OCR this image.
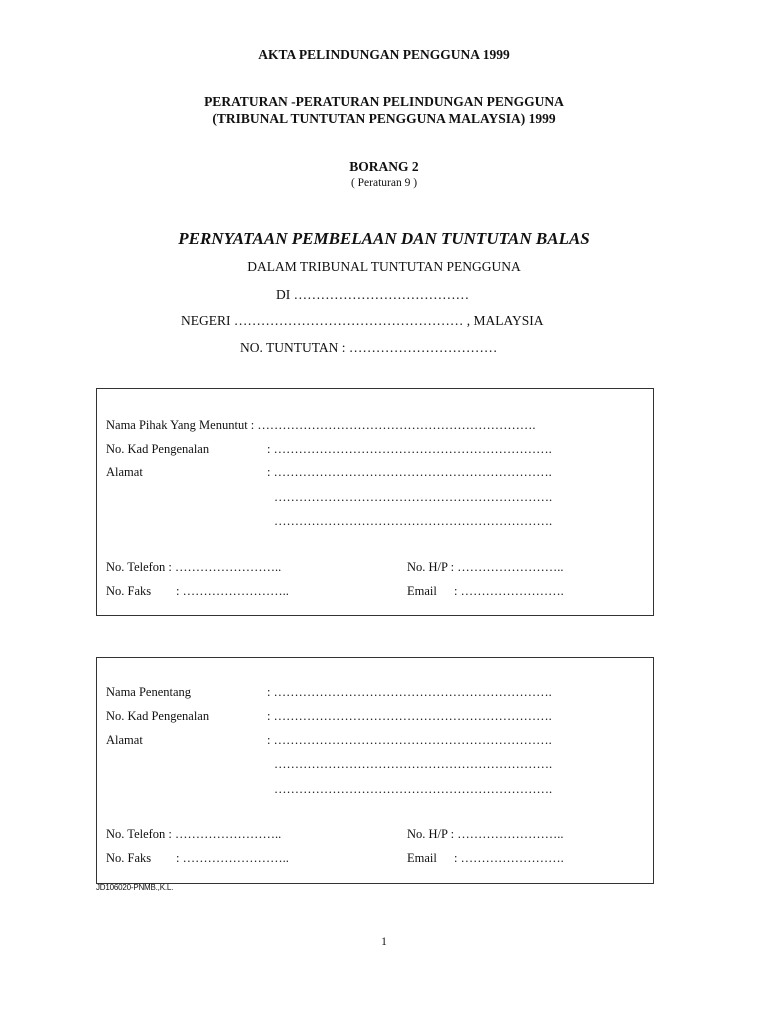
AKTA PELINDUNGAN PENGGUNA 1999
PERATURAN -PERATURAN PELINDUNGAN PENGGUNA
(TRIBUNAL TUNTUTAN PENGGUNA MALAYSIA) 1999
BORANG 2
( Peraturan 9 )
PERNYATAAN PEMBELAAN DAN TUNTUTAN BALAS
DALAM TRIBUNAL TUNTUTAN PENGGUNA
DI …………………………………
NEGERI …………………………………………… , MALAYSIA
NO. TUNTUTAN : ……………………………
Nama Pihak Yang Menuntut : ………………………………………………………….
No. Kad Pengenalan	: ………………………………………………………….
Alamat	: ………………………………………………………….
………………………………………………………….
………………………………………………………….
No. Telefon : ……………………..	No. H/P : ……………………..
No. Faks : ……………………..	Email : …………………….
Nama Penentang	: ………………………………………………………….
No. Kad Pengenalan	: ………………………………………………………….
Alamat	: ………………………………………………………….
………………………………………………………….
………………………………………………………….
No. Telefon : ……………………..	No. H/P : ……………………..
No. Faks : ……………………..	Email : …………………….
JD106020-PNMB.,K.L.
1
